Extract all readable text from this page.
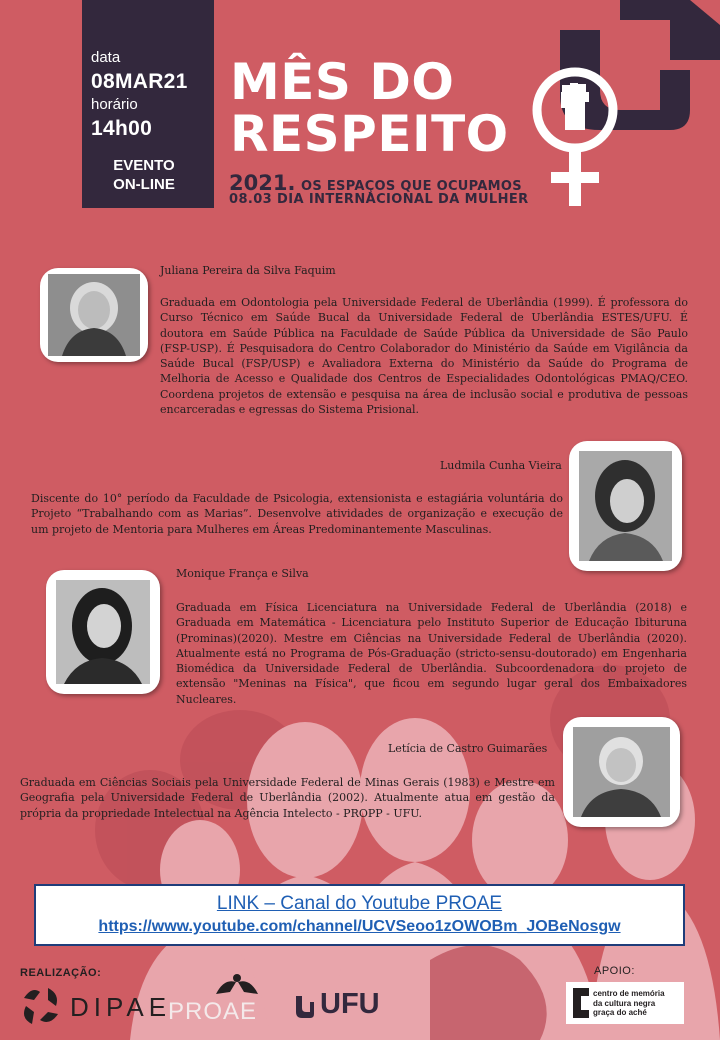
data
08MAR21
horário
14h00
EVENTO
ON-LINE
MÊS DO
RESPEITO
2021. OS ESPAÇOS QUE OCUPAMOS
08.03 DIA INTERNACIONAL DA MULHER
Juliana Pereira da Silva Faquim
Graduada em Odontologia pela Universidade Federal de Uberlândia (1999). É professora do Curso Técnico em Saúde Bucal da Universidade Federal de Uberlândia ESTES/UFU. É doutora em Saúde Pública na Faculdade de Saúde Pública da Universidade de São Paulo (FSP-USP). É Pesquisadora do Centro Colaborador do Ministério da Saúde em Vigilância da Saúde Bucal (FSP/USP) e Avaliadora Externa do Ministério da Saúde do Programa de Melhoria de Acesso e Qualidade dos Centros de Especialidades Odontológicas PMAQ/CEO. Coordena projetos de extensão e pesquisa na área de inclusão social e produtiva de pessoas encarceradas e egressas do Sistema Prisional.
Ludmila Cunha Vieira
Discente do 10° período da Faculdade de Psicologia, extensionista e estagiária voluntária do Projeto “Trabalhando com as Marias”. Desenvolve atividades de organização e execução de um projeto de Mentoria para Mulheres em Áreas Predominantemente Masculinas.
Monique França e Silva
Graduada em Física Licenciatura na Universidade Federal de Uberlândia (2018) e Graduada em Matemática - Licenciatura pelo Instituto Superior de Educação Ibituruna (Prominas)(2020). Mestre em Ciências na Universidade Federal de Uberlândia (2020). Atualmente está no Programa de Pós-Graduação (stricto-sensu-doutorado) em Engenharia Biomédica da Universidade Federal de Uberlândia. Subcoordenadora do projeto de extensão "Meninas na Física", que ficou em segundo lugar geral dos Embaixadores Nucleares.
Letícia de Castro Guimarães
Graduada em Ciências Sociais pela Universidade Federal de Minas Gerais (1983) e Mestre em Geografia pela Universidade Federal de Uberlândia (2002). Atualmente atua em gestão da própria da propriedade Intelectual na Agência Intelecto - PROPP - UFU.
LINK – Canal do Youtube PROAE
https://www.youtube.com/channel/UCVSeoo1zOWOBm_JOBeNosgw
REALIZAÇÃO:
DIPAE
PROAE UFU
APOIO:
centro de memória
da cultura negra
graça do aché
